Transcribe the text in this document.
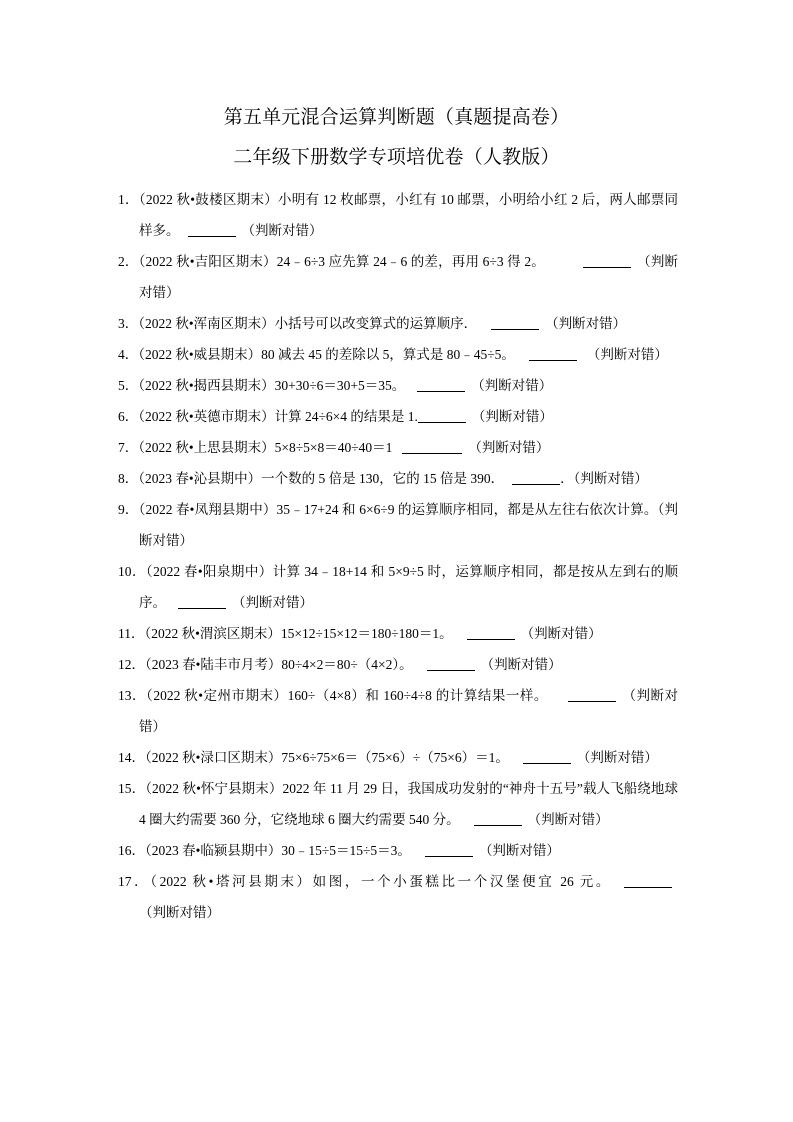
第五单元混合运算判断题（真题提高卷）
二年级下册数学专项培优卷（人教版）
1．（2022 秋•鼓楼区期末）小明有 12 枚邮票，小红有 10 邮票，小明给小红 2 后，两人邮票同样多。	（判断对错）
2．（2022 秋•吉阳区期末）24﹣6÷3 应先算 24﹣6 的差，再用 6÷3 得 2。	（判断对错）
3．（2022 秋•浑南区期末）小括号可以改变算式的运算顺序．	（判断对错）
4．（2022 秋•威县期末）80 减去 45 的差除以 5，算式是 80﹣45÷5。	（判断对错）
5．（2022 秋•揭西县期末）30+30÷6＝30+5＝35。	（判断对错）
6．（2022 秋•英德市期末）计算 24÷6×4 的结果是 1.	（判断对错）
7．（2022 秋•上思县期末）5×8÷5×8＝40÷40＝1	（判断对错）
8．（2023 春•沁县期中）一个数的 5 倍是 130，它的 15 倍是 390．	．（判断对错）
9．（2022 春•凤翔县期中）35﹣17+24 和 6×6÷9 的运算顺序相同，都是从左往右依次计算。（判断对错）
10．（2022 春•阳泉期中）计算 34﹣18+14 和 5×9÷5 时，运算顺序相同，都是按从左到右的顺序。	（判断对错）
11．（2022 秋•渭滨区期末）15×12÷15×12＝180÷180＝1。	（判断对错）
12．（2023 春•陆丰市月考）80÷4×2＝80÷（4×2）。	（判断对错）
13．（2022 秋•定州市期末）160÷（4×8）和 160÷4÷8 的计算结果一样。	（判断对错）
14．（2022 秋•渌口区期末）75×6÷75×6＝（75×6）÷（75×6）＝1。	（判断对错）
15．（2022 秋•怀宁县期末）2022 年 11 月 29 日，我国成功发射的“神舟十五号”载人飞船绕地球 4 圈大约需要 360 分，它绕地球 6 圈大约需要 540 分。	（判断对错）
16．（2023 春•临颍县期中）30﹣15÷5＝15÷5＝3。	（判断对错）
17．（2022 秋•塔河县期末）如图，一个小蛋糕比一个汉堡便宜 26 元。（判断对错）
